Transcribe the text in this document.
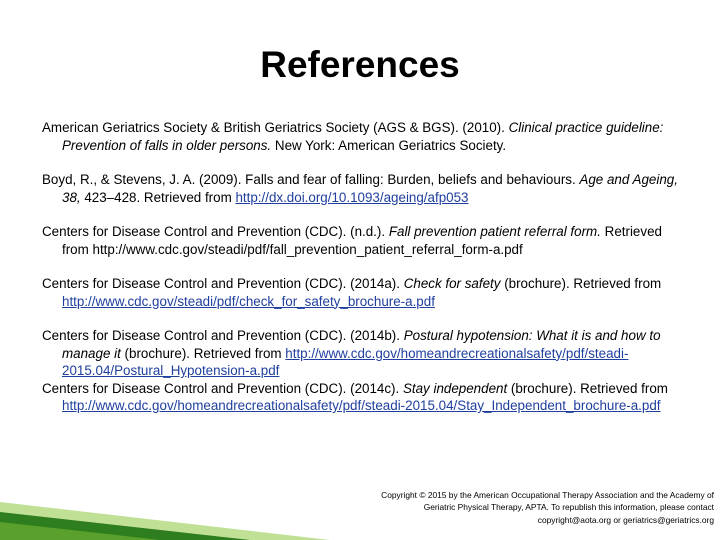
References

American Geriatrics Society & British Geriatrics Society (AGS & BGS). (2010). Clinical practice guideline: Prevention of falls in older persons. New York: American Geriatrics Society.

Boyd, R., & Stevens, J. A. (2009). Falls and fear of falling: Burden, beliefs and behaviours. Age and Ageing, 38, 423–428. Retrieved from http://dx.doi.org/10.1093/ageing/afp053

Centers for Disease Control and Prevention (CDC). (n.d.). Fall prevention patient referral form. Retrieved from http://www.cdc.gov/steadi/pdf/fall_prevention_patient_referral_form-a.pdf

Centers for Disease Control and Prevention (CDC). (2014a). Check for safety (brochure). Retrieved from http://www.cdc.gov/steadi/pdf/check_for_safety_brochure-a.pdf

Centers for Disease Control and Prevention (CDC). (2014b). Postural hypotension: What it is and how to manage it (brochure). Retrieved from http://www.cdc.gov/homeandrecreationalsafety/pdf/steadi-2015.04/Postural_Hypotension-a.pdf

Centers for Disease Control and Prevention (CDC). (2014c). Stay independent (brochure). Retrieved from http://www.cdc.gov/homeandrecreationalsafety/pdf/steadi-2015.04/Stay_Independent_brochure-a.pdf

Copyright © 2015 by the American Occupational Therapy Association and the Academy of
Geriatric Physical Therapy, APTA. To republish this information, please contact
copyright@aota.org or geriatrics@geriatrics.org
